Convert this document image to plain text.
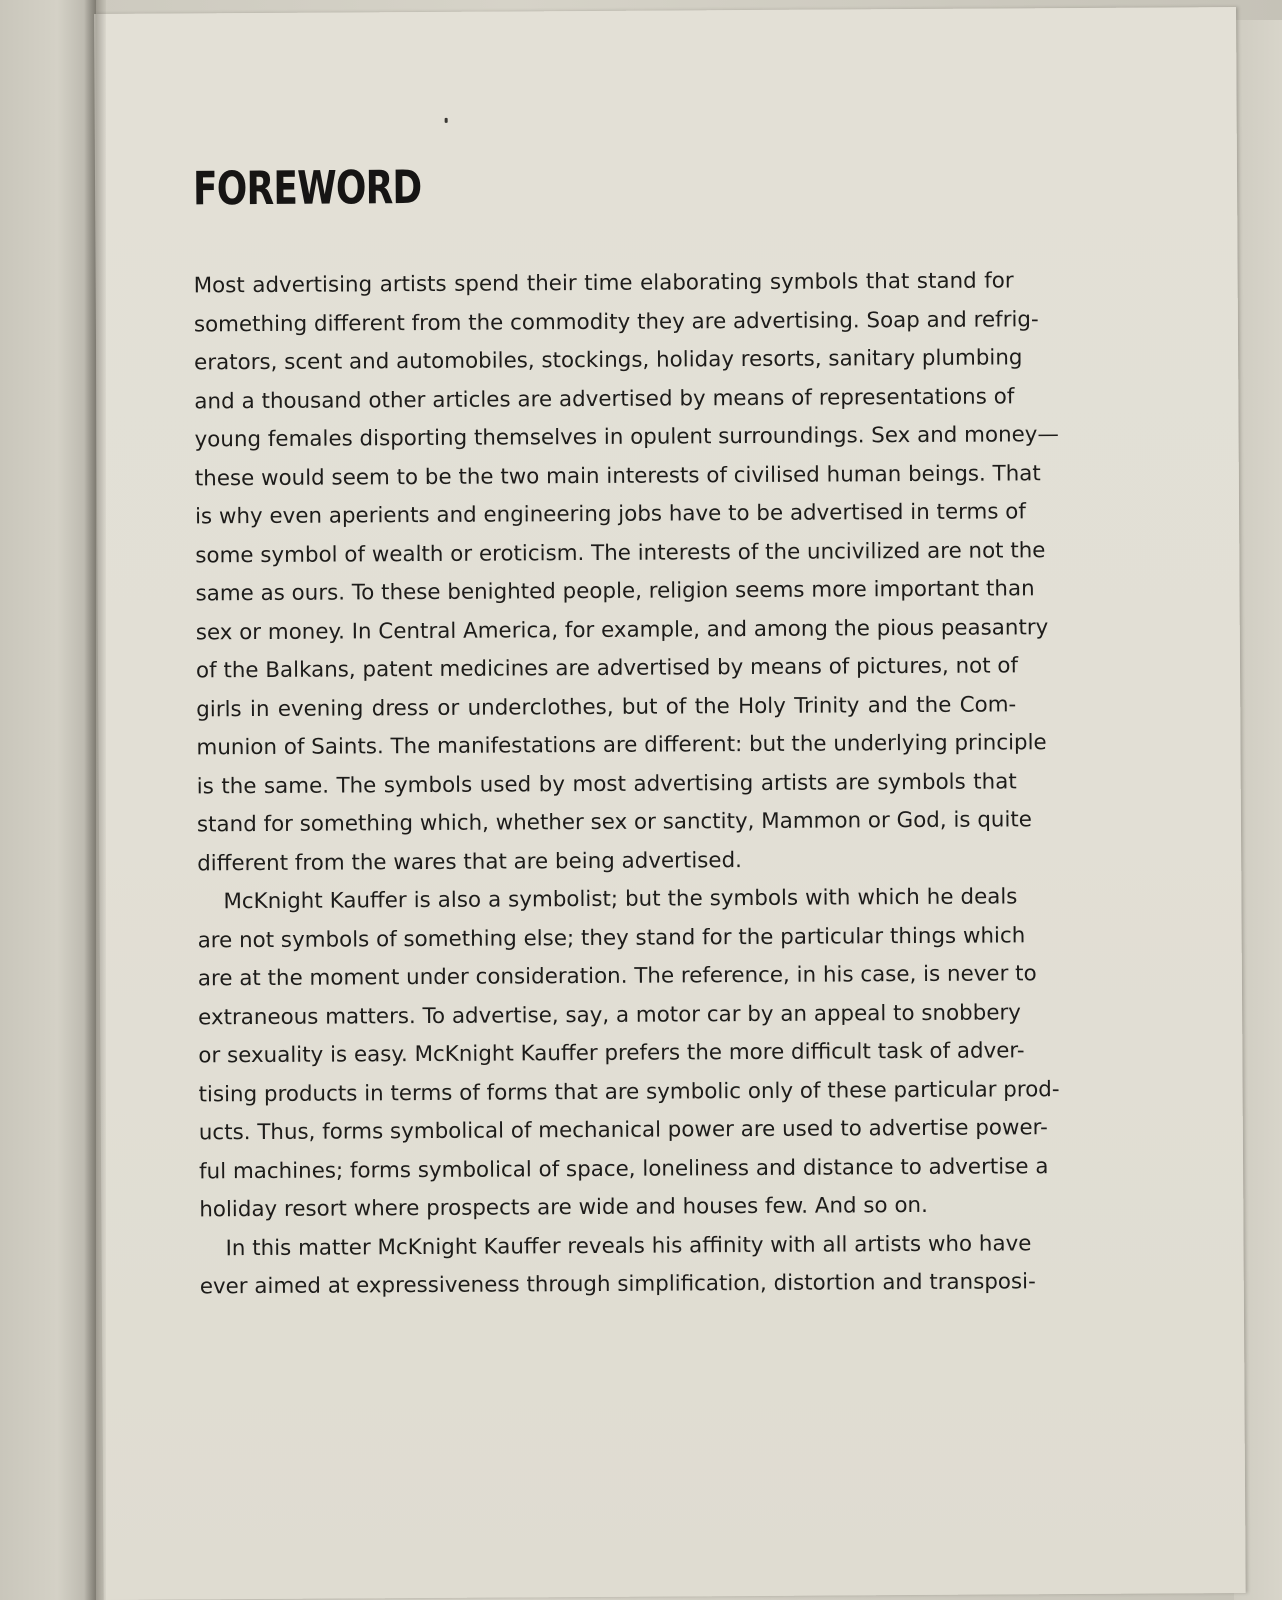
FOREWORD
Most advertising artists spend their time elaborating symbols that stand for
something different from the commodity they are advertising. Soap and refrig-
erators, scent and automobiles, stockings, holiday resorts, sanitary plumbing
and a thousand other articles are advertised by means of representations of
young females disporting themselves in opulent surroundings. Sex and money—
these would seem to be the two main interests of civilised human beings. That
is why even aperients and engineering jobs have to be advertised in terms of
some symbol of wealth or eroticism. The interests of the uncivilized are not the
same as ours. To these benighted people, religion seems more important than
sex or money. In Central America, for example, and among the pious peasantry
of the Balkans, patent medicines are advertised by means of pictures, not of
girls in evening dress or underclothes, but of the Holy Trinity and the Com-
munion of Saints. The manifestations are different: but the underlying principle
is the same. The symbols used by most advertising artists are symbols that
stand for something which, whether sex or sanctity, Mammon or God, is quite
different from the wares that are being advertised.
McKnight Kauffer is also a symbolist; but the symbols with which he deals
are not symbols of something else; they stand for the particular things which
are at the moment under consideration. The reference, in his case, is never to
extraneous matters. To advertise, say, a motor car by an appeal to snobbery
or sexuality is easy. McKnight Kauffer prefers the more difficult task of adver-
tising products in terms of forms that are symbolic only of these particular prod-
ucts. Thus, forms symbolical of mechanical power are used to advertise power-
ful machines; forms symbolical of space, loneliness and distance to advertise a
holiday resort where prospects are wide and houses few. And so on.
In this matter McKnight Kauffer reveals his affinity with all artists who have
ever aimed at expressiveness through simplification, distortion and transposi-
